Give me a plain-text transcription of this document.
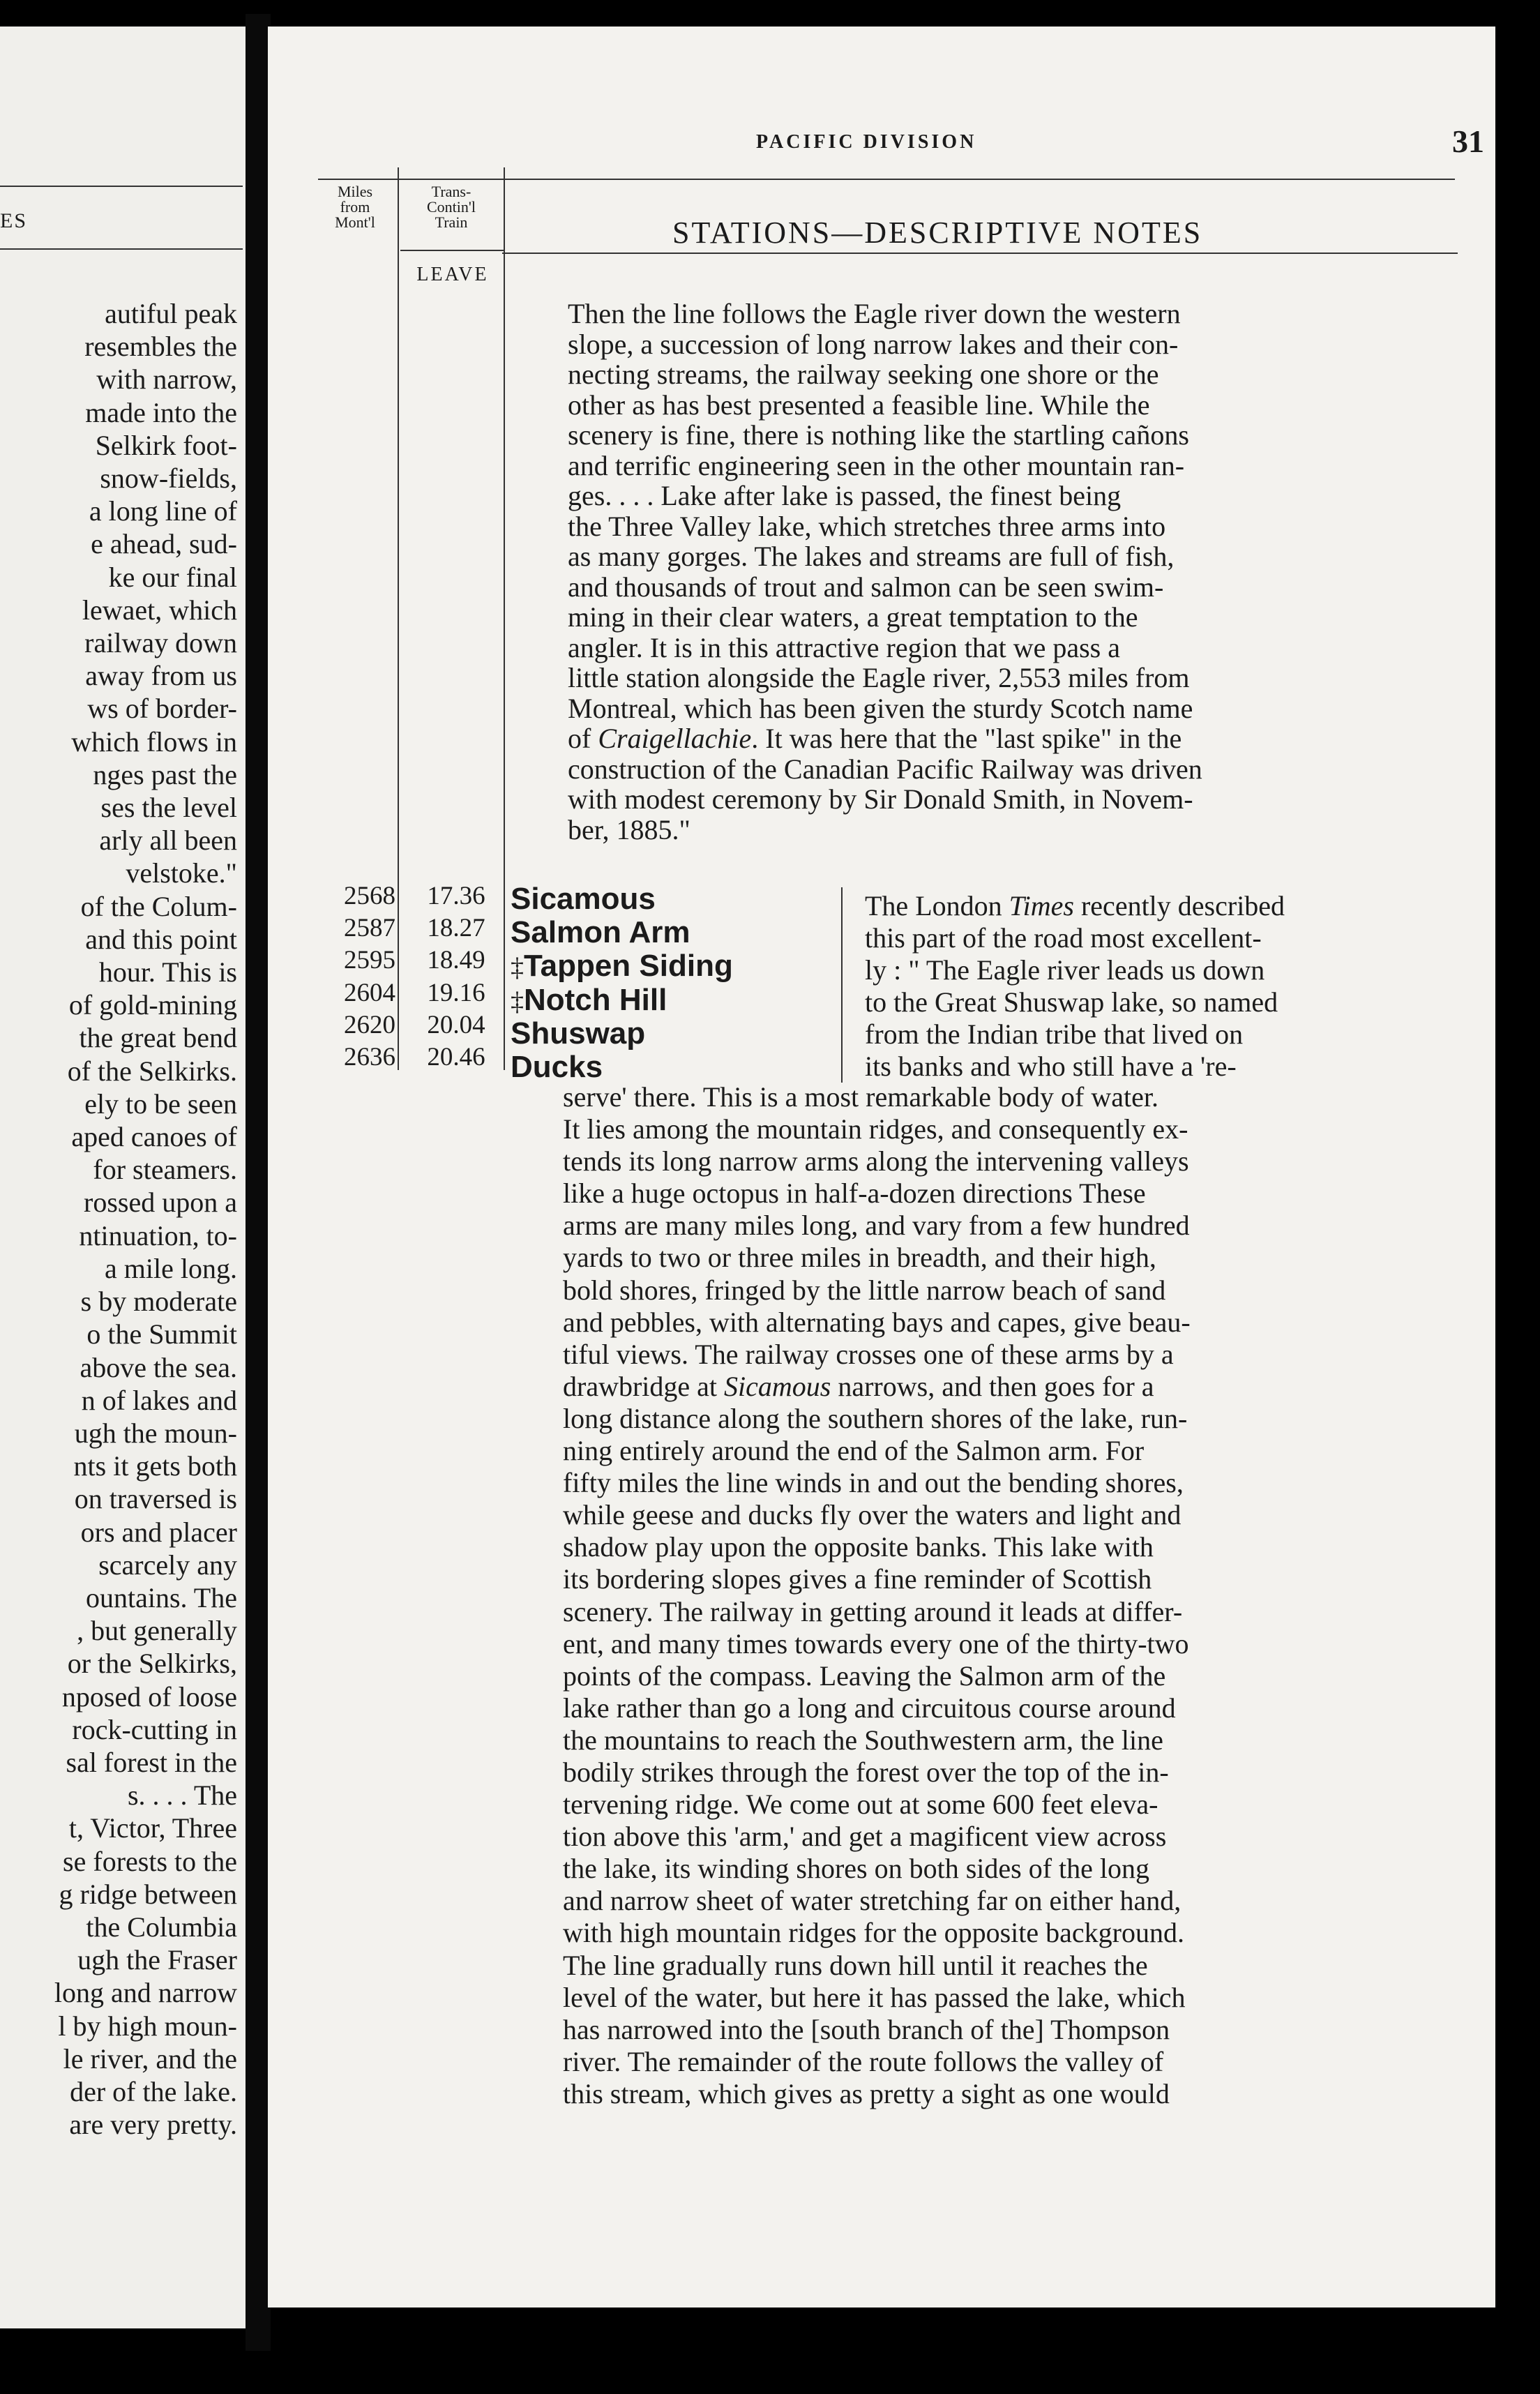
ES
autiful peak
resembles the
with narrow,
made into the
Selkirk foot-
snow-fields,
a long line of
e ahead, sud-
ke our final
lewaet, which
railway down
away from us
ws of border-
which flows in
nges past the
ses the level
arly all been
velstoke."
of the Colum-
and this point
hour. This is
of gold-mining
the great bend
of the Selkirks.
ely to be seen
aped canoes of
for steamers.
rossed upon a
ntinuation, to-
a mile long.
s by moderate
o the Summit
above the sea.
n of lakes and
ugh the moun-
nts it gets both
on traversed is
ors and placer
scarcely any
ountains. The
, but generally
or the Selkirks,
nposed of loose
rock-cutting in
sal forest in the
s. . . . The
t, Victor, Three
se forests to the
g ridge between
the Columbia
ugh the Fraser
long and narrow
l by high moun-
le river, and the
der of the lake.
are very pretty.
PACIFIC DIVISION	31
Miles
from
Mont'l
Trans-
Contin'l
Train
LEAVE
STATIONS—DESCRIPTIVE NOTES
Then the line follows the Eagle river down the western
slope, a succession of long narrow lakes and their con-
necting streams, the railway seeking one shore or the
other as has best presented a feasible line. While the
scenery is fine, there is nothing like the startling cañons
and terrific engineering seen in the other mountain ran-
ges. . . . Lake after lake is passed, the finest being
the Three Valley lake, which stretches three arms into
as many gorges. The lakes and streams are full of fish,
and thousands of trout and salmon can be seen swim-
ming in their clear waters, a great temptation to the
angler. It is in this attractive region that we pass a
little station alongside the Eagle river, 2,553 miles from
Montreal, which has been given the sturdy Scotch name
of Craigellachie. It was here that the "last spike" in the
construction of the Canadian Pacific Railway was driven
with modest ceremony by Sir Donald Smith, in Novem-
ber, 1885."
2568
2587
2595
2604
2620
2636
17.36
18.27
18.49
19.16
20.04
20.46
Sicamous
Salmon Arm
‡Tappen Siding
‡Notch Hill
Shuswap
Ducks
The London Times recently described
this part of the road most excellent-
ly : " The Eagle river leads us down
to the Great Shuswap lake, so named
from the Indian tribe that lived on
its banks and who still have a 're-
serve' there. This is a most remarkable body of water.
It lies among the mountain ridges, and consequently ex-
tends its long narrow arms along the intervening valleys
like a huge octopus in half-a-dozen directions These
arms are many miles long, and vary from a few hundred
yards to two or three miles in breadth, and their high,
bold shores, fringed by the little narrow beach of sand
and pebbles, with alternating bays and capes, give beau-
tiful views. The railway crosses one of these arms by a
drawbridge at Sicamous narrows, and then goes for a
long distance along the southern shores of the lake, run-
ning entirely around the end of the Salmon arm. For
fifty miles the line winds in and out the bending shores,
while geese and ducks fly over the waters and light and
shadow play upon the opposite banks. This lake with
its bordering slopes gives a fine reminder of Scottish
scenery. The railway in getting around it leads at differ-
ent, and many times towards every one of the thirty-two
points of the compass. Leaving the Salmon arm of the
lake rather than go a long and circuitous course around
the mountains to reach the Southwestern arm, the line
bodily strikes through the forest over the top of the in-
tervening ridge. We come out at some 600 feet eleva-
tion above this 'arm,' and get a magificent view across
the lake, its winding shores on both sides of the long
and narrow sheet of water stretching far on either hand,
with high mountain ridges for the opposite background.
The line gradually runs down hill until it reaches the
level of the water, but here it has passed the lake, which
has narrowed into the [south branch of the] Thompson
river. The remainder of the route follows the valley of
this stream, which gives as pretty a sight as one would
